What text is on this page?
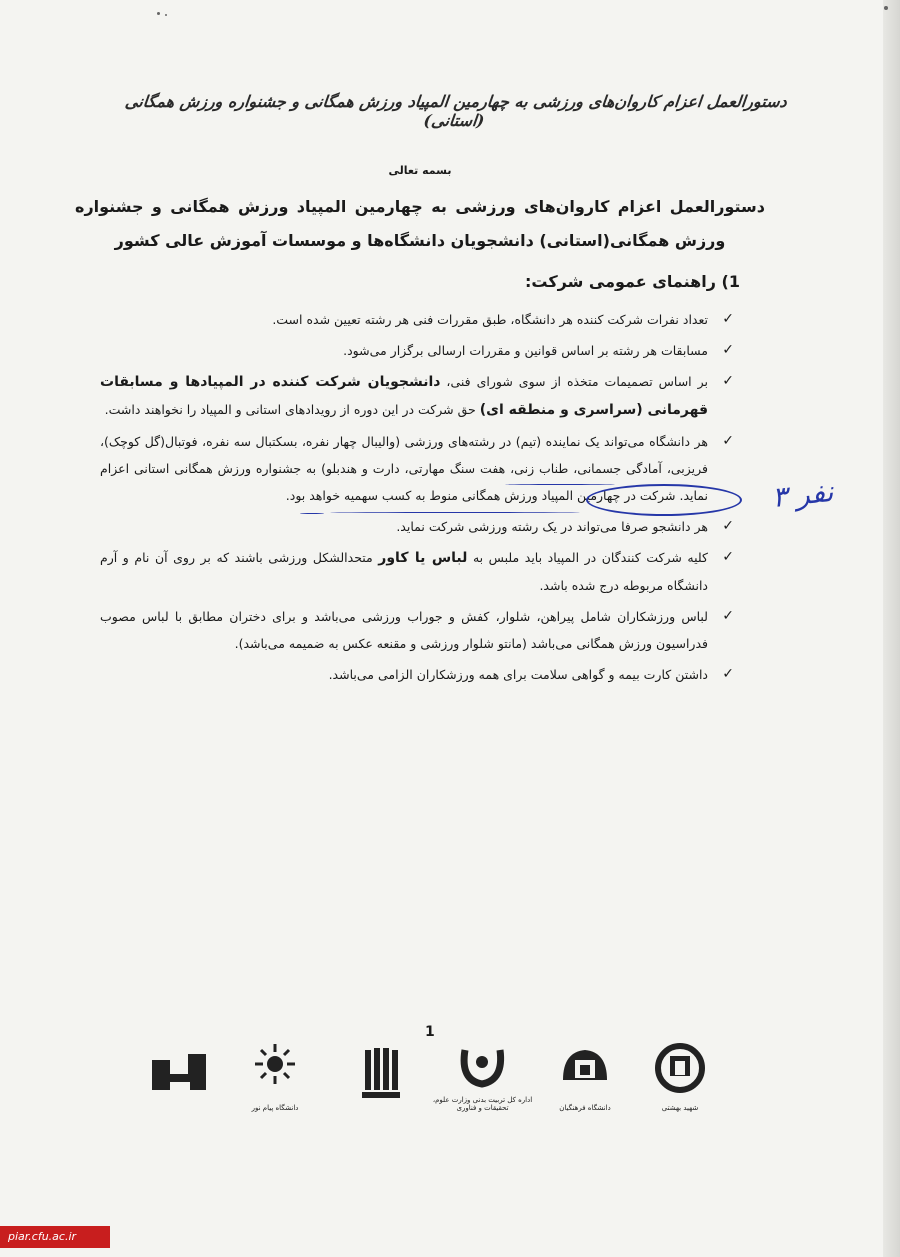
دستورالعمل اعزام کاروان‌های ورزشی به چهارمین المپیاد ورزش همگانی و جشنواره ورزش همگانی (استانی)
بسمه تعالی
دستورالعمل اعزام کاروان‌های ورزشی به چهارمین المپیاد ورزش همگانی و جشنواره ورزش همگانی(استانی) دانشجویان دانشگاه‌ها و موسسات آموزش عالی کشور
1) راهنمای عمومی شرکت:
✓
تعداد نفرات شرکت کننده هر دانشگاه، طبق مقررات فنی هر رشته تعیین شده است.
✓
مسابقات هر رشته بر اساس قوانین و مقررات ارسالی برگزار می‌شود.
✓
بر اساس تصمیمات متخذه از سوی شورای فنی، دانشجویان شرکت کننده در المپیادها و مسابقات قهرمانی (سراسری و منطقه ای) حق شرکت در این دوره از رویدادهای استانی و المپیاد را نخواهند داشت.
✓
هر دانشگاه می‌تواند یک نماینده (تیم) در رشته‌های ورزشی (والیبال چهار نفره، بسکتبال سه نفره، فوتبال(گل کوچک)، فریزبی، آمادگی جسمانی، طناب زنی، هفت سنگ مهارتی، دارت و هندبلو) به جشنواره ورزش همگانی استانی اعزام نماید. شرکت در چهارمین المپیاد ورزش همگانی منوط به کسب سهمیه خواهد بود.
✓
هر دانشجو صرفا می‌تواند در یک رشته ورزشی شرکت نماید.
✓
کلیه شرکت کنندگان در المپیاد باید ملبس به لباس یا کاور متحدالشکل ورزشی باشند که بر روی آن نام و آرم دانشگاه مربوطه درج شده باشد.
✓
لباس ورزشکاران شامل پیراهن، شلوار، کفش و جوراب ورزشی می‌باشد و برای دختران مطابق با لباس مصوب فدراسیون ورزش همگانی می‌باشد (مانتو شلوار ورزشی و مقنعه عکس به ضمیمه می‌باشد).
✓
داشتن کارت بیمه و گواهی سلامت برای همه ورزشکاران الزامی می‌باشد.
۳ نفر
1
شهید بهشتی
دانشگاه فرهنگیان
اداره کل تربیت بدنی وزارت علوم، تحقیقات و فناوری
دانشگاه پیام نور
piar.cfu.ac.ir
